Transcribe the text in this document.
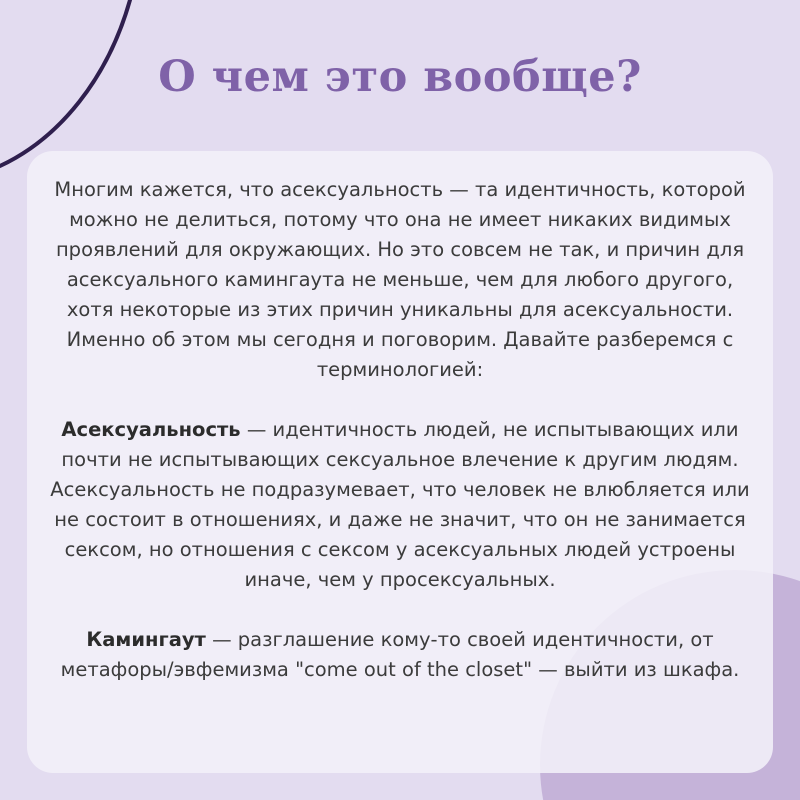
О чем это вообще?

Многим кажется, что асексуальность — та идентичность, которой можно не делиться, потому что она не имеет никаких видимых проявлений для окружающих. Но это совсем не так, и причин для асексуального камингаута не меньше, чем для любого другого, хотя некоторые из этих причин уникальны для асексуальности. Именно об этом мы сегодня и поговорим. Давайте разберемся с терминологией:

Асексуальность — идентичность людей, не испытывающих или почти не испытывающих сексуальное влечение к другим людям. Асексуальность не подразумевает, что человек не влюбляется или не состоит в отношениях, и даже не значит, что он не занимается сексом, но отношения с сексом у асексуальных людей устроены иначе, чем у просексуальных.

Камингаут — разглашение кому-то своей идентичности, от метафоры/эвфемизма "come out of the closet" — выйти из шкафа.
